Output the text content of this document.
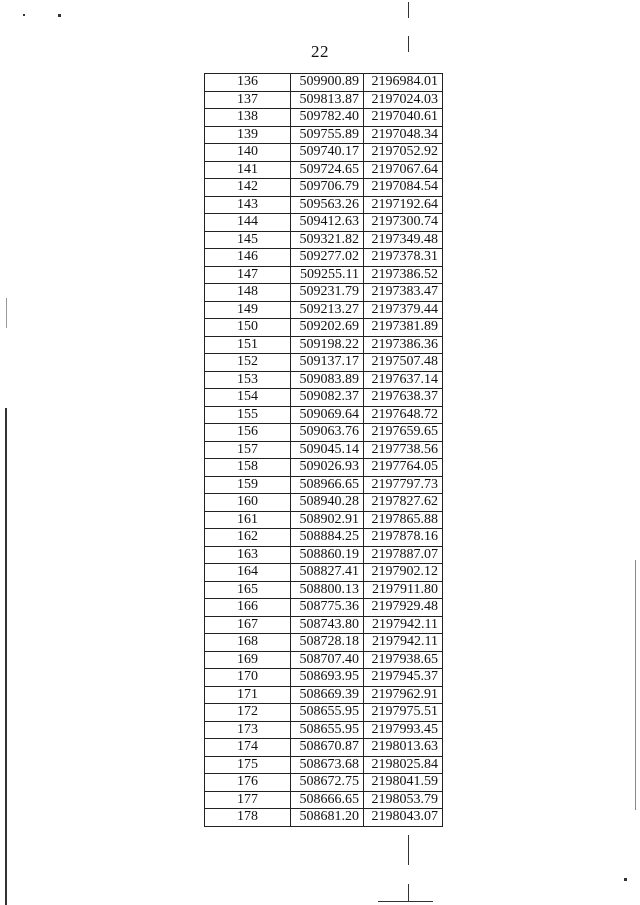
22
136	509900.89	2196984.01
137	509813.87	2197024.03
138	509782.40	2197040.61
139	509755.89	2197048.34
140	509740.17	2197052.92
141	509724.65	2197067.64
142	509706.79	2197084.54
143	509563.26	2197192.64
144	509412.63	2197300.74
145	509321.82	2197349.48
146	509277.02	2197378.31
147	509255.11	2197386.52
148	509231.79	2197383.47
149	509213.27	2197379.44
150	509202.69	2197381.89
151	509198.22	2197386.36
152	509137.17	2197507.48
153	509083.89	2197637.14
154	509082.37	2197638.37
155	509069.64	2197648.72
156	509063.76	2197659.65
157	509045.14	2197738.56
158	509026.93	2197764.05
159	508966.65	2197797.73
160	508940.28	2197827.62
161	508902.91	2197865.88
162	508884.25	2197878.16
163	508860.19	2197887.07
164	508827.41	2197902.12
165	508800.13	2197911.80
166	508775.36	2197929.48
167	508743.80	2197942.11
168	508728.18	2197942.11
169	508707.40	2197938.65
170	508693.95	2197945.37
171	508669.39	2197962.91
172	508655.95	2197975.51
173	508655.95	2197993.45
174	508670.87	2198013.63
175	508673.68	2198025.84
176	508672.75	2198041.59
177	508666.65	2198053.79
178	508681.20	2198043.07
